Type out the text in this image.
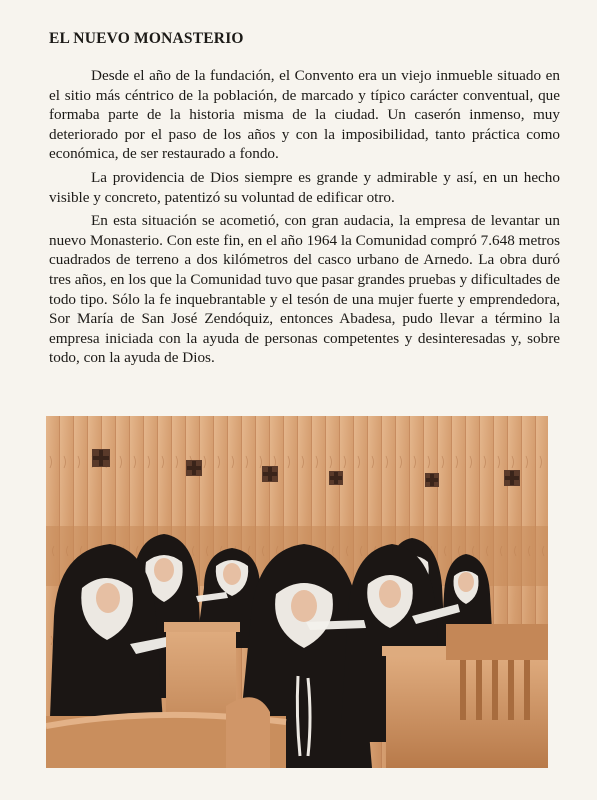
EL NUEVO MONASTERIO

Desde el año de la fundación, el Convento era un viejo inmueble situado en el sitio más céntrico de la población, de marcado y típico carácter conventual, que formaba parte de la historia misma de la ciudad. Un caserón inmenso, muy deteriorado por el paso de los años y con la imposibilidad, tanto práctica como económica, de ser restaurado a fondo.

La providencia de Dios siempre es grande y admirable y así, en un hecho visible y concreto, patentizó su voluntad de edificar otro.

En esta situación se acometió, con gran audacia, la empresa de levantar un nuevo Monasterio. Con este fin, en el año 1964 la Comunidad compró 7.648 metros cuadrados de terreno a dos kilómetros del casco urbano de Arnedo. La obra duró tres años, en los que la Comunidad tuvo que pasar grandes pruebas y dificultades de todo tipo. Sólo la fe inquebrantable y el tesón de una mujer fuerte y emprendedora, Sor María de San José Zendóquiz, entonces Abadesa, pudo llevar a término la empresa iniciada con la ayuda de personas competentes y desinteresadas y, sobre todo, con la ayuda de Dios.
